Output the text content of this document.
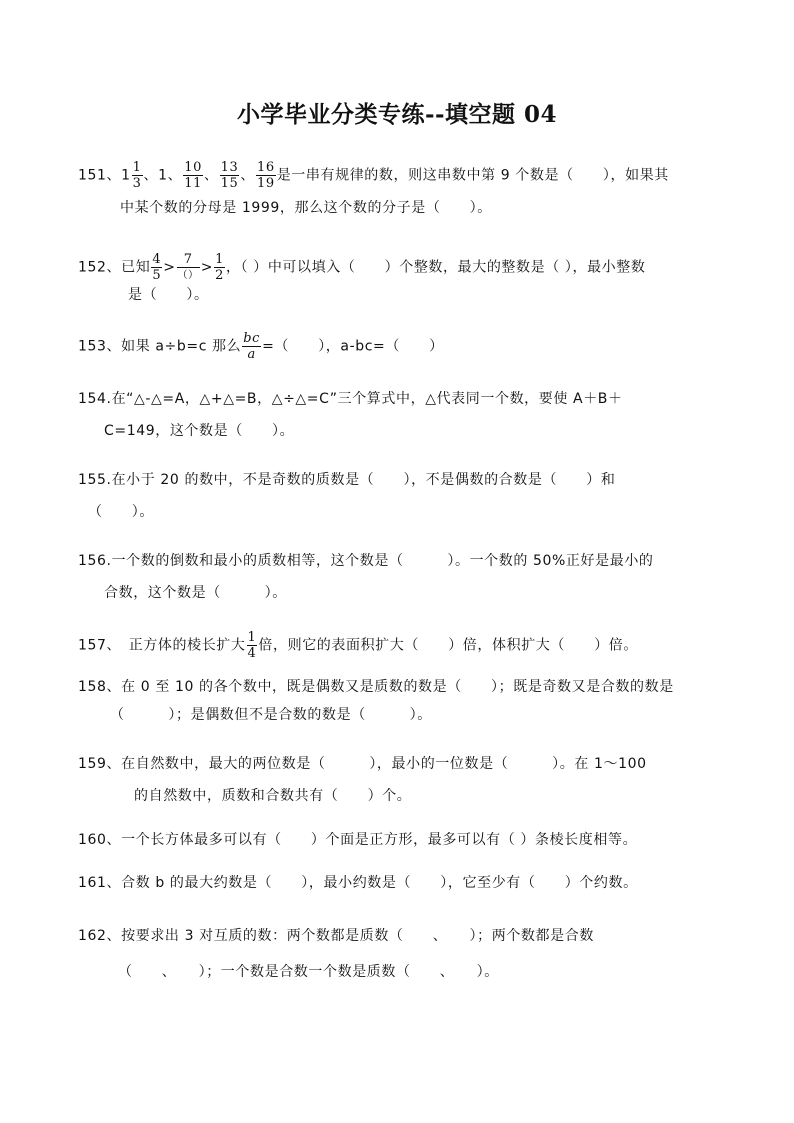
小学毕业分类专练--填空题 04
151、$1 \frac{1}{3}$ 、1、 $\frac{10}{11}$ 、 $\frac{13}{15}$ 、 $\frac{16}{19}$ 是一串有规律的数，则这串数中第 9 个数是（　　），如果其
中某个数的分母是 1999，那么这个数的分子是（　　）。
152、已知 $\frac{4}{5} > \frac{7}{()} > \frac{1}{2}$ ，（ ）中可以填入（　　）个整数，最大的整数是（ ），最小整数
是（　　）。
153、如果 a÷b=c 那么 $\frac{bc}{a}$ =（　　），a-bc=（　　）
154.在“△-△=A，△+△=B，△÷△=C”三个算式中，△代表同一个数，要使 A＋B＋
C=149，这个数是（　　）。
155.在小于 20 的数中，不是奇数的质数是（　　），不是偶数的合数是（　　）和
（　　）。
156.一个数的倒数和最小的质数相等，这个数是（　　　）。一个数的 50%正好是最小的
合数，这个数是（　　　）。
157、　正方体的棱长扩大 $\frac{1}{4}$ 倍，则它的表面积扩大（　　）倍，体积扩大（　　）倍。
158、在 0 至 10 的各个数中，既是偶数又是质数的数是（　　）；既是奇数又是合数的数是
（　　　）；是偶数但不是合数的数是（　　　）。
159、在自然数中，最大的两位数是（　　　），最小的一位数是（　　　）。在 1～100
的自然数中，质数和合数共有（　　）个。
160、一个长方体最多可以有（　　）个面是正方形，最多可以有（ ）条棱长度相等。
161、合数 b 的最大约数是（　　），最小约数是（　　），它至少有（　　）个约数。
162、按要求出 3 对互质的数：两个数都是质数（　　、　　）；两个数都是合数
（　　、　　）；一个数是合数一个数是质数（　　、　　）。
